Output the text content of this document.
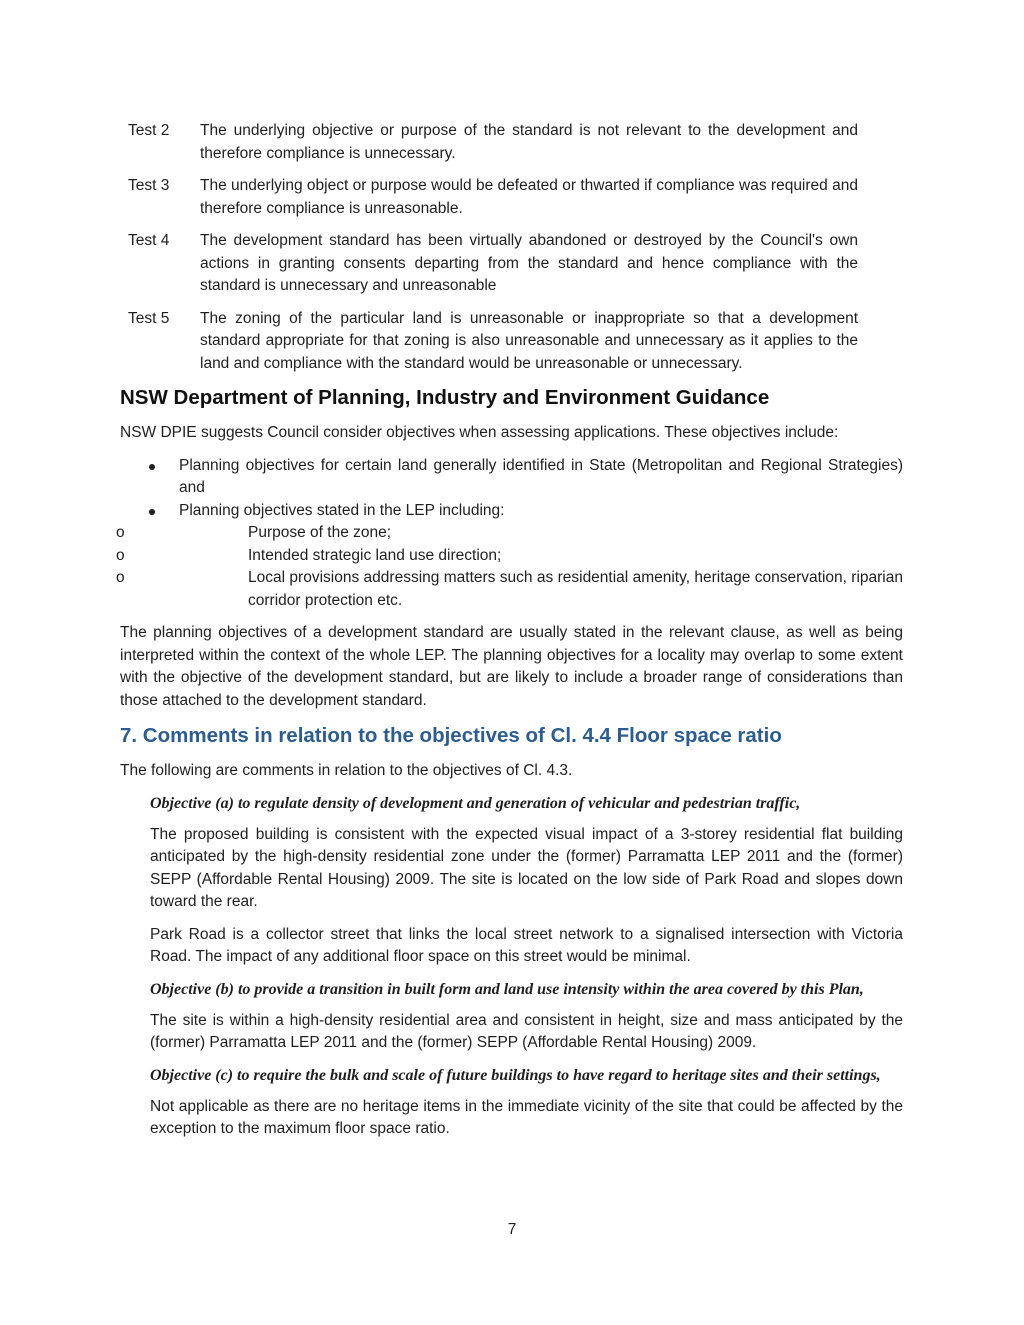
Test 2	The underlying objective or purpose of the standard is not relevant to the development and therefore compliance is unnecessary.
Test 3	The underlying object or purpose would be defeated or thwarted if compliance was required and therefore compliance is unreasonable.
Test 4	The development standard has been virtually abandoned or destroyed by the Council's own actions in granting consents departing from the standard and hence compliance with the standard is unnecessary and unreasonable
Test 5	The zoning of the particular land is unreasonable or inappropriate so that a development standard appropriate for that zoning is also unreasonable and unnecessary as it applies to the land and compliance with the standard would be unreasonable or unnecessary.
NSW Department of Planning, Industry and Environment Guidance

NSW DPIE suggests Council consider objectives when assessing applications. These objectives include:

Planning objectives for certain land generally identified in State (Metropolitan and Regional Strategies) and
Planning objectives stated in the LEP including:
o	Purpose of the zone;
o	Intended strategic land use direction;
o	Local provisions addressing matters such as residential amenity, heritage conservation, riparian corridor protection etc.

The planning objectives of a development standard are usually stated in the relevant clause, as well as being interpreted within the context of the whole LEP. The planning objectives for a locality may overlap to some extent with the objective of the development standard, but are likely to include a broader range of considerations than those attached to the development standard.

7. Comments in relation to the objectives of Cl. 4.4 Floor space ratio

The following are comments in relation to the objectives of Cl. 4.3.

Objective (a) to regulate density of development and generation of vehicular and pedestrian traffic,

The proposed building is consistent with the expected visual impact of a 3-storey residential flat building anticipated by the high-density residential zone under the (former) Parramatta LEP 2011 and the (former) SEPP (Affordable Rental Housing) 2009. The site is located on the low side of Park Road and slopes down toward the rear.

Park Road is a collector street that links the local street network to a signalised intersection with Victoria Road. The impact of any additional floor space on this street would be minimal.

Objective (b) to provide a transition in built form and land use intensity within the area covered by this Plan,

The site is within a high-density residential area and consistent in height, size and mass anticipated by the (former) Parramatta LEP 2011 and the (former) SEPP (Affordable Rental Housing) 2009.

Objective (c) to require the bulk and scale of future buildings to have regard to heritage sites and their settings,

Not applicable as there are no heritage items in the immediate vicinity of the site that could be affected by the exception to the maximum floor space ratio.

7
